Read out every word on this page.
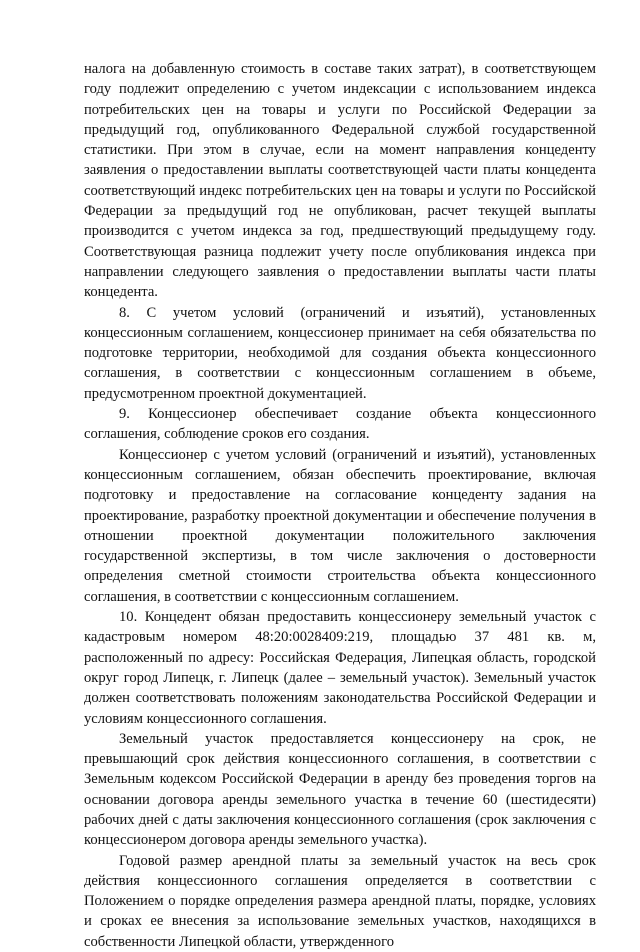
налога на добавленную стоимость в составе таких затрат), в соответствующем году подлежит определению с учетом индексации с использованием индекса потребительских цен на товары и услуги по Российской Федерации за предыдущий год, опубликованного Федеральной службой государственной статистики. При этом в случае, если на момент направления концеденту заявления о предоставлении выплаты соответствующей части платы концедента соответствующий индекс потребительских цен на товары и услуги по Российской Федерации за предыдущий год не опубликован, расчет текущей выплаты производится с учетом индекса за год, предшествующий предыдущему году. Соответствующая разница подлежит учету после опубликования индекса при направлении следующего заявления о предоставлении выплаты части платы концедента.

8. С учетом условий (ограничений и изъятий), установленных концессионным соглашением, концессионер принимает на себя обязательства по подготовке территории, необходимой для создания объекта концессионного соглашения, в соответствии с концессионным соглашением в объеме, предусмотренном проектной документацией.

9. Концессионер обеспечивает создание объекта концессионного соглашения, соблюдение сроков его создания.

Концессионер с учетом условий (ограничений и изъятий), установленных концессионным соглашением, обязан обеспечить проектирование, включая подготовку и предоставление на согласование концеденту задания на проектирование, разработку проектной документации и обеспечение получения в отношении проектной документации положительного заключения государственной экспертизы, в том числе заключения о достоверности определения сметной стоимости строительства объекта концессионного соглашения, в соответствии с концессионным соглашением.

10. Концедент обязан предоставить концессионеру земельный участок с кадастровым номером 48:20:0028409:219, площадью 37 481 кв. м, расположенный по адресу: Российская Федерация, Липецкая область, городской округ город Липецк, г. Липецк (далее – земельный участок). Земельный участок должен соответствовать положениям законодательства Российской Федерации и условиям концессионного соглашения.

Земельный участок предоставляется концессионеру на срок, не превышающий срок действия концессионного соглашения, в соответствии с Земельным кодексом Российской Федерации в аренду без проведения торгов на основании договора аренды земельного участка в течение 60 (шестидесяти) рабочих дней с даты заключения концессионного соглашения (срок заключения с концессионером договора аренды земельного участка).

Годовой размер арендной платы за земельный участок на весь срок действия концессионного соглашения определяется в соответствии с Положением о порядке определения размера арендной платы, порядке, условиях и сроках ее внесения за использование земельных участков, находящихся в собственности Липецкой области, утвержденного
